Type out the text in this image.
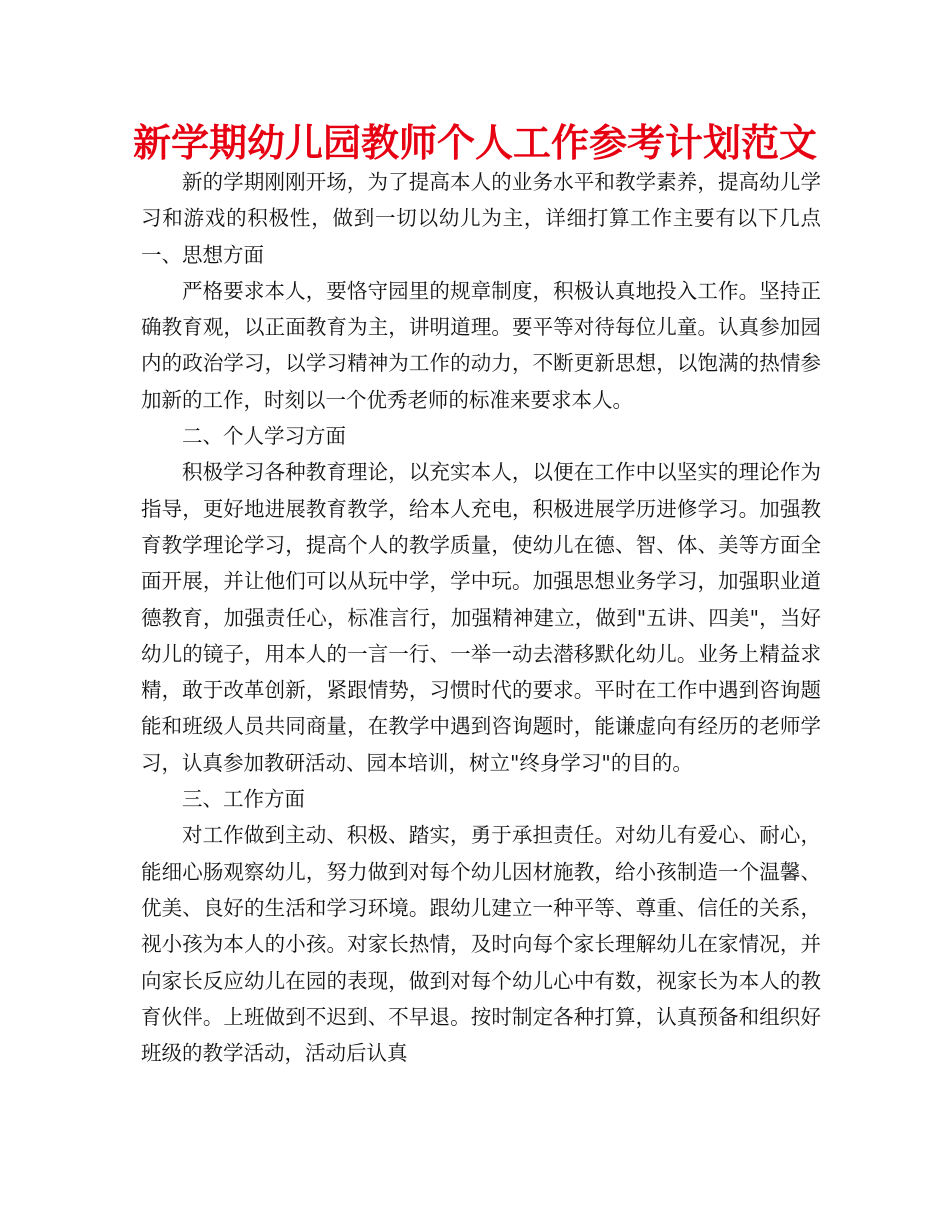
新学期幼儿园教师个人工作参考计划范文

新的学期刚刚开场，为了提高本人的业务水平和教学素养，提高幼儿学习和游戏的积极性，做到一切以幼儿为主，详细打算工作主要有以下几点　　一、思想方面

严格要求本人，要恪守园里的规章制度，积极认真地投入工作。坚持正确教育观，以正面教育为主，讲明道理。要平等对待每位儿童。认真参加园内的政治学习，以学习精神为工作的动力，不断更新思想，以饱满的热情参加新的工作，时刻以一个优秀老师的标准来要求本人。

二、个人学习方面

积极学习各种教育理论，以充实本人，以便在工作中以坚实的理论作为指导，更好地进展教育教学，给本人充电，积极进展学历进修学习。加强教育教学理论学习，提高个人的教学质量，使幼儿在德、智、体、美等方面全面开展，并让他们可以从玩中学，学中玩。加强思想业务学习，加强职业道德教育，加强责任心，标准言行，加强精神建立，做到"五讲、四美"，当好幼儿的镜子，用本人的一言一行、一举一动去潜移默化幼儿。业务上精益求精，敢于改革创新，紧跟情势，习惯时代的要求。平时在工作中遇到咨询题能和班级人员共同商量，在教学中遇到咨询题时，能谦虚向有经历的老师学习，认真参加教研活动、园本培训，树立"终身学习"的目的。

三、工作方面

对工作做到主动、积极、踏实，勇于承担责任。对幼儿有爱心、耐心，能细心肠观察幼儿，努力做到对每个幼儿因材施教，给小孩制造一个温馨、优美、良好的生活和学习环境。跟幼儿建立一种平等、尊重、信任的关系，视小孩为本人的小孩。对家长热情，及时向每个家长理解幼儿在家情况，并向家长反应幼儿在园的表现，做到对每个幼儿心中有数，视家长为本人的教育伙伴。上班做到不迟到、不早退。按时制定各种打算，认真预备和组织好班级的教学活动，活动后认真
